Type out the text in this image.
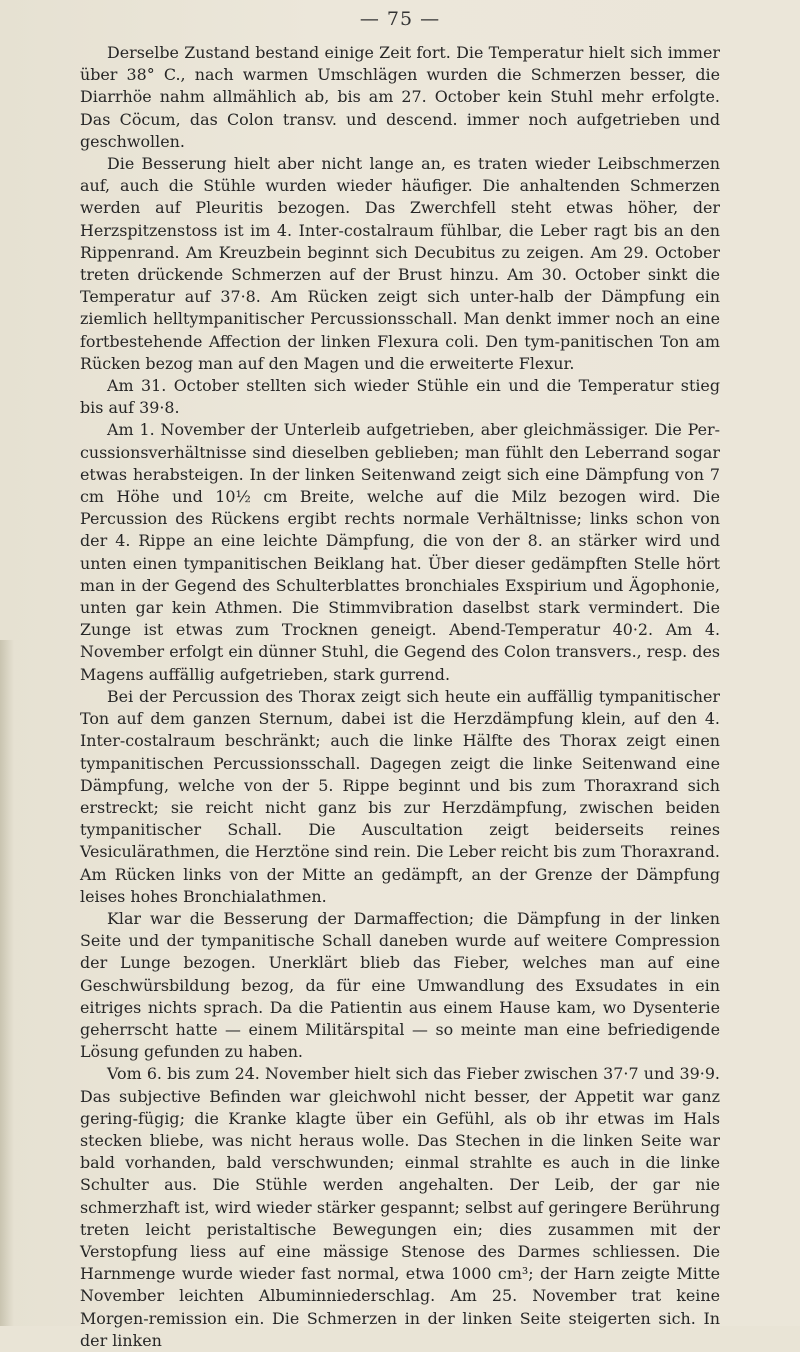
— 75 —

Derselbe Zustand bestand einige Zeit fort. Die Temperatur hielt sich immer über 38° C., nach warmen Umschlägen wurden die Schmerzen besser, die Diarrhöe nahm allmählich ab, bis am 27. October kein Stuhl mehr erfolgte. Das Cöcum, das Colon transv. und descend. immer noch aufgetrieben und geschwollen.

Die Besserung hielt aber nicht lange an, es traten wieder Leibschmerzen auf, auch die Stühle wurden wieder häufiger. Die anhaltenden Schmerzen werden auf Pleuritis bezogen. Das Zwerchfell steht etwas höher, der Herzspitzenstoss ist im 4. Inter-costalraum fühlbar, die Leber ragt bis an den Rippenrand. Am Kreuzbein beginnt sich Decubitus zu zeigen. Am 29. October treten drückende Schmerzen auf der Brust hinzu. Am 30. October sinkt die Temperatur auf 37·8. Am Rücken zeigt sich unter-halb der Dämpfung ein ziemlich helltympanitischer Percussionsschall. Man denkt immer noch an eine fortbestehende Affection der linken Flexura coli. Den tym-panitischen Ton am Rücken bezog man auf den Magen und die erweiterte Flexur.

Am 31. October stellten sich wieder Stühle ein und die Temperatur stieg bis auf 39·8.

Am 1. November der Unterleib aufgetrieben, aber gleichmässiger. Die Per-cussionsverhältnisse sind dieselben geblieben; man fühlt den Leberrand sogar etwas herabsteigen. In der linken Seitenwand zeigt sich eine Dämpfung von 7 cm Höhe und 10½ cm Breite, welche auf die Milz bezogen wird. Die Percussion des Rückens ergibt rechts normale Verhältnisse; links schon von der 4. Rippe an eine leichte Dämpfung, die von der 8. an stärker wird und unten einen tympanitischen Beiklang hat. Über dieser gedämpften Stelle hört man in der Gegend des Schulterblattes bronchiales Exspirium und Ägophonie, unten gar kein Athmen. Die Stimmvibration daselbst stark vermindert. Die Zunge ist etwas zum Trocknen geneigt. Abend-Temperatur 40·2. Am 4. November erfolgt ein dünner Stuhl, die Gegend des Colon transvers., resp. des Magens auffällig aufgetrieben, stark gurrend.

Bei der Percussion des Thorax zeigt sich heute ein auffällig tympanitischer Ton auf dem ganzen Sternum, dabei ist die Herzdämpfung klein, auf den 4. Inter-costalraum beschränkt; auch die linke Hälfte des Thorax zeigt einen tympanitischen Percussionsschall. Dagegen zeigt die linke Seitenwand eine Dämpfung, welche von der 5. Rippe beginnt und bis zum Thoraxrand sich erstreckt; sie reicht nicht ganz bis zur Herzdämpfung, zwischen beiden tympanitischer Schall. Die Auscultation zeigt beiderseits reines Vesiculärathmen, die Herztöne sind rein. Die Leber reicht bis zum Thoraxrand. Am Rücken links von der Mitte an gedämpft, an der Grenze der Dämpfung leises hohes Bronchialathmen.

Klar war die Besserung der Darmaffection; die Dämpfung in der linken Seite und der tympanitische Schall daneben wurde auf weitere Compression der Lunge bezogen. Unerklärt blieb das Fieber, welches man auf eine Geschwürsbildung bezog, da für eine Umwandlung des Exsudates in ein eitriges nichts sprach. Da die Patientin aus einem Hause kam, wo Dysenterie geherrscht hatte — einem Militärspital — so meinte man eine befriedigende Lösung gefunden zu haben.

Vom 6. bis zum 24. November hielt sich das Fieber zwischen 37·7 und 39·9. Das subjective Befinden war gleichwohl nicht besser, der Appetit war ganz gering-fügig; die Kranke klagte über ein Gefühl, als ob ihr etwas im Hals stecken bliebe, was nicht heraus wolle. Das Stechen in die linken Seite war bald vorhanden, bald verschwunden; einmal strahlte es auch in die linke Schulter aus. Die Stühle werden angehalten. Der Leib, der gar nie schmerzhaft ist, wird wieder stärker gespannt; selbst auf geringere Berührung treten leicht peristaltische Bewegungen ein; dies zusammen mit der Verstopfung liess auf eine mässige Stenose des Darmes schliessen. Die Harnmenge wurde wieder fast normal, etwa 1000 cm³; der Harn zeigte Mitte November leichten Albuminniederschlag. Am 25. November trat keine Morgen-remission ein. Die Schmerzen in der linken Seite steigerten sich. In der linken
